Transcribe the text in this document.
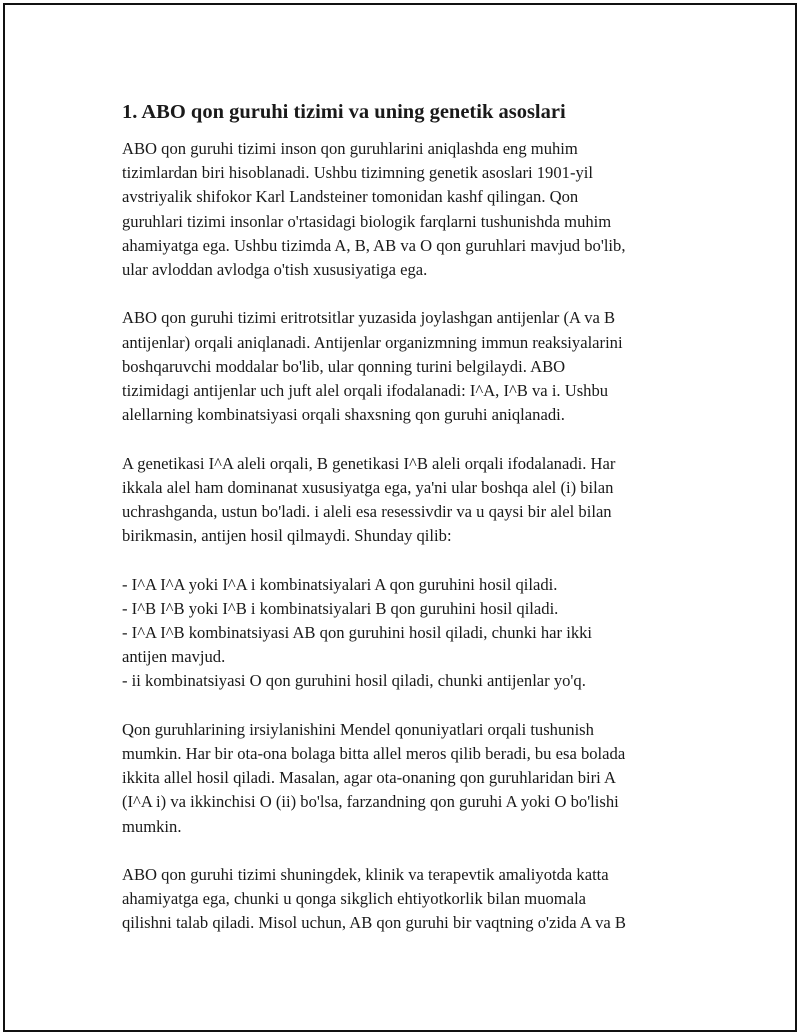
1. ABO qon guruhi tizimi va uning genetik asoslari

ABO qon guruhi tizimi inson qon guruhlarini aniqlashda eng muhim
tizimlardan biri hisoblanadi. Ushbu tizimning genetik asoslari 1901-yil
avstriyalik shifokor Karl Landsteiner tomonidan kashf qilingan. Qon
guruhlari tizimi insonlar o'rtasidagi biologik farqlarni tushunishda muhim
ahamiyatga ega. Ushbu tizimda A, B, AB va O qon guruhlari mavjud bo'lib,
ular avloddan avlodga o'tish xususiyatiga ega.

ABO qon guruhi tizimi eritrotsitlar yuzasida joylashgan antijenlar (A va B
antijenlar) orqali aniqlanadi. Antijenlar organizmning immun reaksiyalarini
boshqaruvchi moddalar bo'lib, ular qonning turini belgilaydi. ABO
tizimidagi antijenlar uch juft alel orqali ifodalanadi: I^A, I^B va i. Ushbu
alellarning kombinatsiyasi orqali shaxsning qon guruhi aniqlanadi.

A genetikasi I^A aleli orqali, B genetikasi I^B aleli orqali ifodalanadi. Har
ikkala alel ham dominanat xususiyatga ega, ya'ni ular boshqa alel (i) bilan
uchrashganda, ustun bo'ladi. i aleli esa resessivdir va u qaysi bir alel bilan
birikmasin, antijen hosil qilmaydi. Shunday qilib:

- I^A I^A yoki I^A i kombinatsiyalari A qon guruhini hosil qiladi.
- I^B I^B yoki I^B i kombinatsiyalari B qon guruhini hosil qiladi.
- I^A I^B kombinatsiyasi AB qon guruhini hosil qiladi, chunki har ikki
antijen mavjud.
- ii kombinatsiyasi O qon guruhini hosil qiladi, chunki antijenlar yo'q.

Qon guruhlarining irsiylanishini Mendel qonuniyatlari orqali tushunish
mumkin. Har bir ota-ona bolaga bitta allel meros qilib beradi, bu esa bolada
ikkita allel hosil qiladi. Masalan, agar ota-onaning qon guruhlaridan biri A
(I^A i) va ikkinchisi O (ii) bo'lsa, farzandning qon guruhi A yoki O bo'lishi
mumkin.

ABO qon guruhi tizimi shuningdek, klinik va terapevtik amaliyotda katta
ahamiyatga ega, chunki u qonga sikglich ehtiyotkorlik bilan muomala
qilishni talab qiladi. Misol uchun, AB qon guruhi bir vaqtning o'zida A va B
